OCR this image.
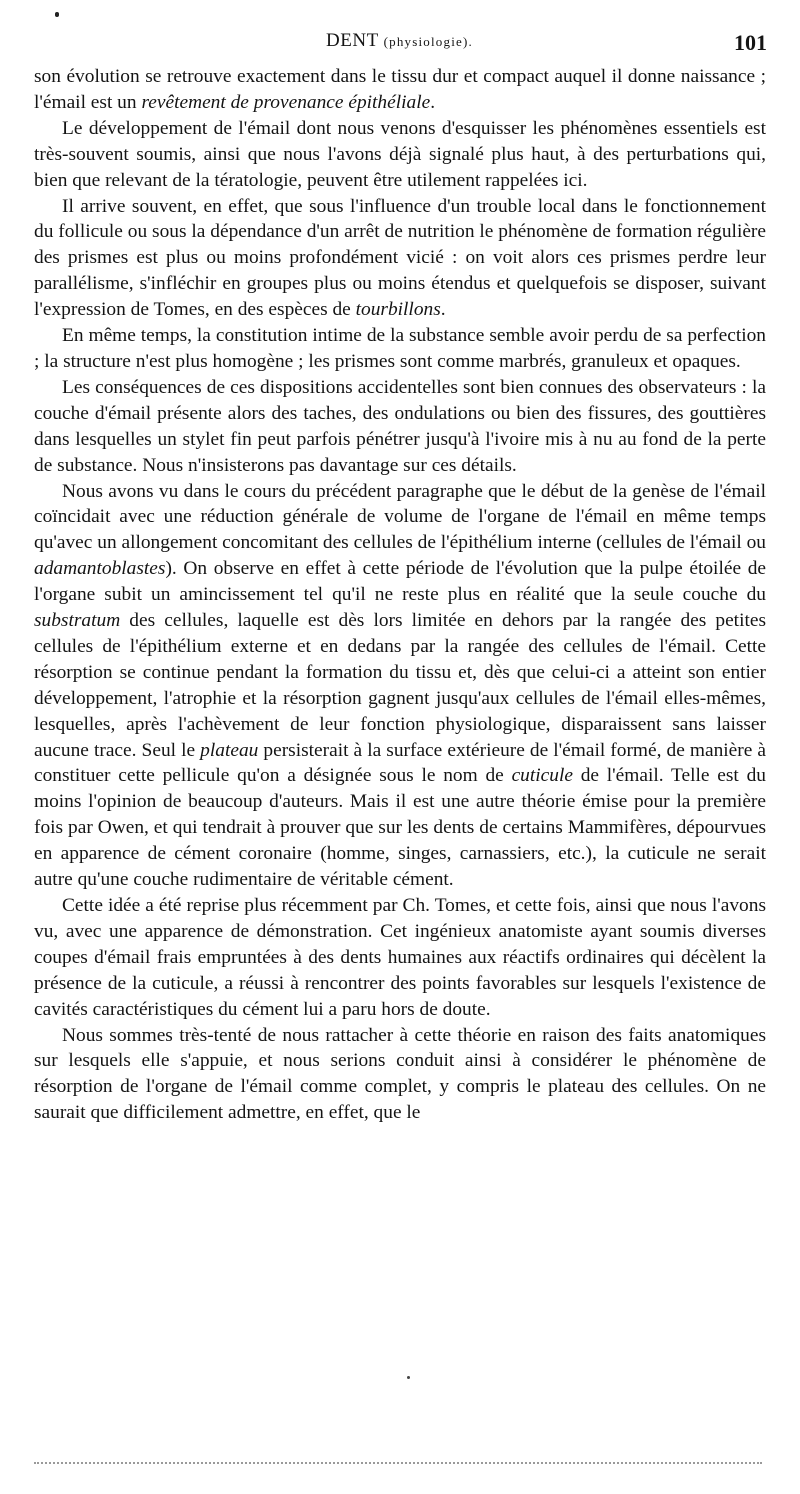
DENT (physiologie).	101

son évolution se retrouve exactement dans le tissu dur et compact auquel il donne naissance ; l'émail est un revêtement de provenance épithéliale.

Le développement de l'émail dont nous venons d'esquisser les phénomènes essentiels est très-souvent soumis, ainsi que nous l'avons déjà signalé plus haut, à des perturbations qui, bien que relevant de la tératologie, peuvent être utilement rappelées ici.

Il arrive souvent, en effet, que sous l'influence d'un trouble local dans le fonctionnement du follicule ou sous la dépendance d'un arrêt de nutrition le phénomène de formation régulière des prismes est plus ou moins profondément vicié : on voit alors ces prismes perdre leur parallélisme, s'infléchir en groupes plus ou moins étendus et quelquefois se disposer, suivant l'expression de Tomes, en des espèces de tourbillons.

En même temps, la constitution intime de la substance semble avoir perdu de sa perfection ; la structure n'est plus homogène ; les prismes sont comme marbrés, granuleux et opaques.

Les conséquences de ces dispositions accidentelles sont bien connues des observateurs : la couche d'émail présente alors des taches, des ondulations ou bien des fissures, des gouttières dans lesquelles un stylet fin peut parfois pénétrer jusqu'à l'ivoire mis à nu au fond de la perte de substance. Nous n'insisterons pas davantage sur ces détails.

Nous avons vu dans le cours du précédent paragraphe que le début de la genèse de l'émail coïncidait avec une réduction générale de volume de l'organe de l'émail en même temps qu'avec un allongement concomitant des cellules de l'épithélium interne (cellules de l'émail ou adamantoblastes). On observe en effet à cette période de l'évolution que la pulpe étoilée de l'organe subit un amincissement tel qu'il ne reste plus en réalité que la seule couche du substratum des cellules, laquelle est dès lors limitée en dehors par la rangée des petites cellules de l'épithélium externe et en dedans par la rangée des cellules de l'émail. Cette résorption se continue pendant la formation du tissu et, dès que celui-ci a atteint son entier développement, l'atrophie et la résorption gagnent jusqu'aux cellules de l'émail elles-mêmes, lesquelles, après l'achèvement de leur fonction physiologique, disparaissent sans laisser aucune trace. Seul le plateau persisterait à la surface extérieure de l'émail formé, de manière à constituer cette pellicule qu'on a désignée sous le nom de cuticule de l'émail. Telle est du moins l'opinion de beaucoup d'auteurs. Mais il est une autre théorie émise pour la première fois par Owen, et qui tendrait à prouver que sur les dents de certains Mammifères, dépourvues en apparence de cément coronaire (homme, singes, carnassiers, etc.), la cuticule ne serait autre qu'une couche rudimentaire de véritable cément.

Cette idée a été reprise plus récemment par Ch. Tomes, et cette fois, ainsi que nous l'avons vu, avec une apparence de démonstration. Cet ingénieux anatomiste ayant soumis diverses coupes d'émail frais empruntées à des dents humaines aux réactifs ordinaires qui décèlent la présence de la cuticule, a réussi à rencontrer des points favorables sur lesquels l'existence de cavités caractéristiques du cément lui a paru hors de doute.

Nous sommes très-tenté de nous rattacher à cette théorie en raison des faits anatomiques sur lesquels elle s'appuie, et nous serions conduit ainsi à considérer le phénomène de résorption de l'organe de l'émail comme complet, y compris le plateau des cellules. On ne saurait que difficilement admettre, en effet, que le
